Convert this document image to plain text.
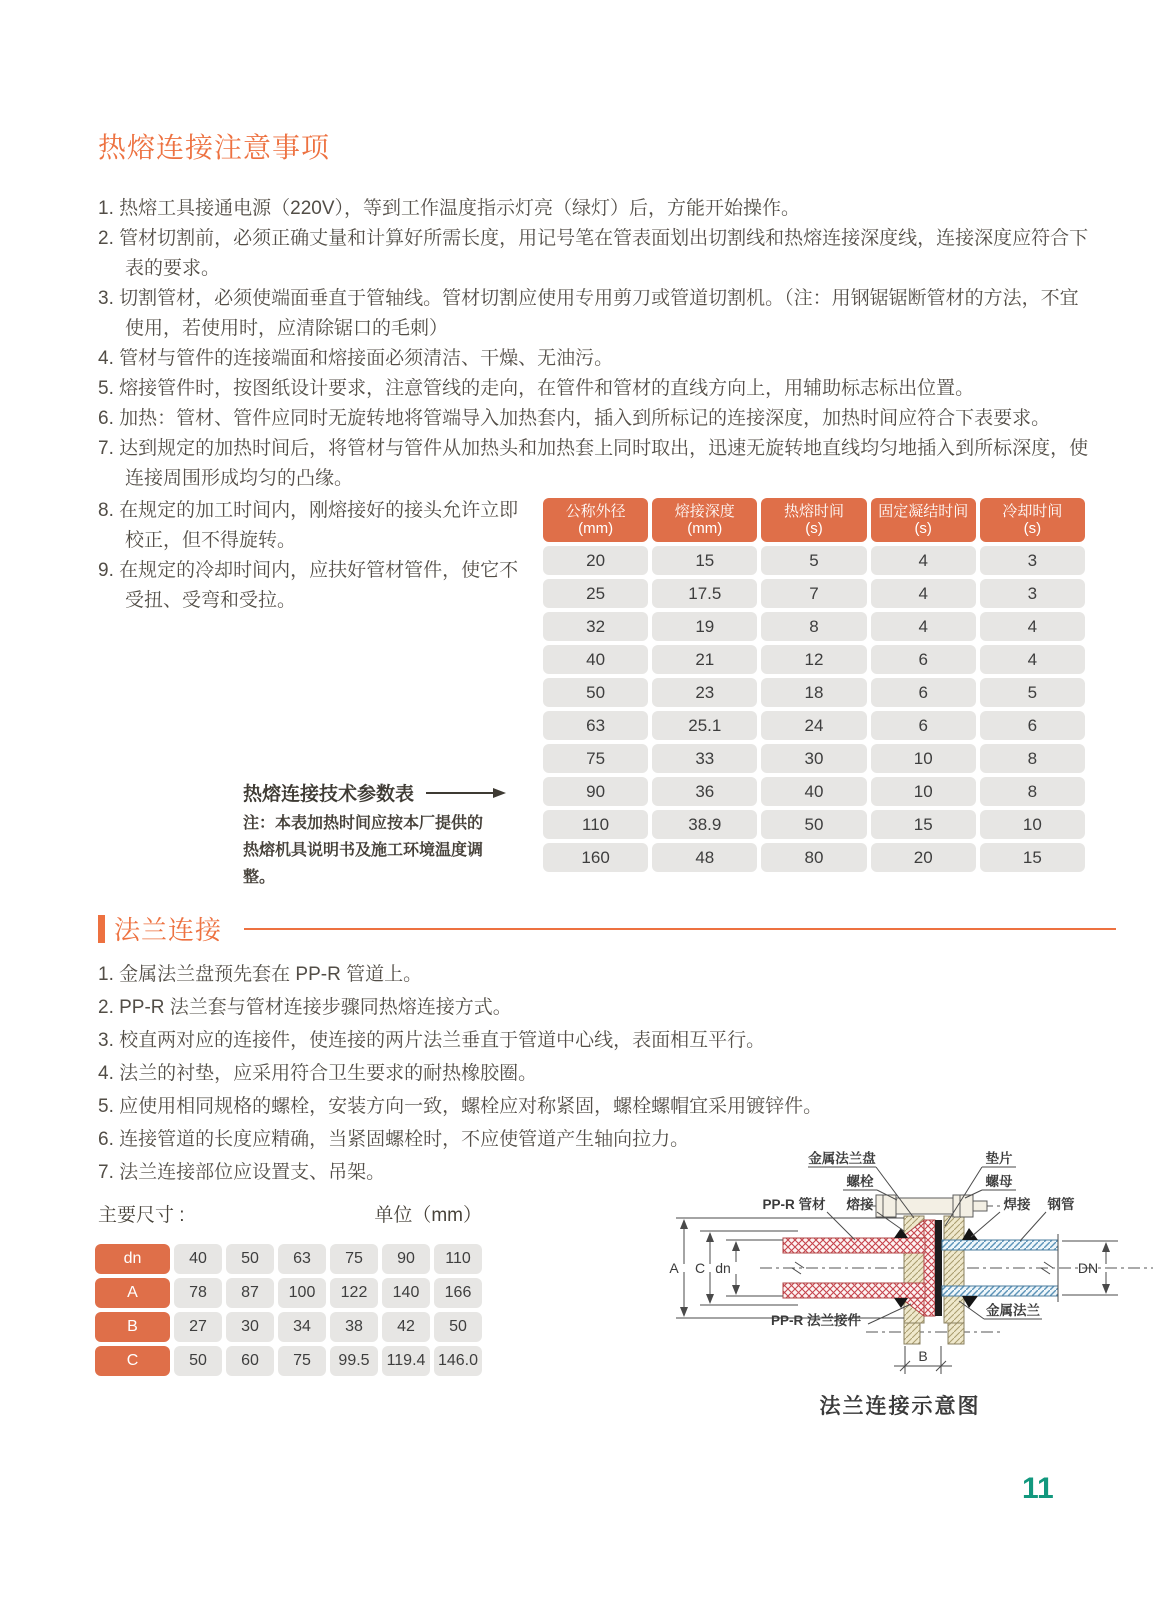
热熔连接注意事项
1. 热熔工具接通电源（220V），等到工作温度指示灯亮（绿灯）后，方能开始操作。
2. 管材切割前，必须正确丈量和计算好所需长度，用记号笔在管表面划出切割线和热熔连接深度线，连接深度应符合下表的要求。
3. 切割管材，必须使端面垂直于管轴线。管材切割应使用专用剪刀或管道切割机。（注：用钢锯锯断管材的方法，不宜使用，若使用时，应清除锯口的毛刺）
4. 管材与管件的连接端面和熔接面必须清洁、干燥、无油污。
5. 熔接管件时，按图纸设计要求，注意管线的走向，在管件和管材的直线方向上，用辅助标志标出位置。
6. 加热：管材、管件应同时无旋转地将管端导入加热套内，插入到所标记的连接深度，加热时间应符合下表要求。
7. 达到规定的加热时间后，将管材与管件从加热头和加热套上同时取出，迅速无旋转地直线均匀地插入到所标深度，使连接周围形成均匀的凸缘。
8. 在规定的加工时间内，刚熔接好的接头允许立即校正，但不得旋转。
9. 在规定的冷却时间内，应扶好管材管件，使它不受扭、受弯和受拉。
热熔连接技术参数表
注：本表加热时间应按本厂提供的热熔机具说明书及施工环境温度调整。
公称外径
(mm)
熔接深度
(mm)
热熔时间
(s)
固定凝结时间
(s)
冷却时间
(s)
20	15	5	4	3
25	17.5	7	4	3
32	19	8	4	4
40	21	12	6	4
50	23	18	6	5
63	25.1	24	6	6
75	33	30	10	8
90	36	40	10	8
110	38.9	50	15	10
160	48	80	20	15
法兰连接
1. 金属法兰盘预先套在 PP-R 管道上。
2. PP-R 法兰套与管材连接步骤同热熔连接方式。
3. 校直两对应的连接件，使连接的两片法兰垂直于管道中心线，表面相互平行。
4. 法兰的衬垫，应采用符合卫生要求的耐热橡胶圈。
5. 应使用相同规格的螺栓，安装方向一致，螺栓应对称紧固，螺栓螺帽宜采用镀锌件。
6. 连接管道的长度应精确，当紧固螺栓时，不应使管道产生轴向拉力。
7. 法兰连接部位应设置支、吊架。
主要尺寸 :	单位（mm）
dn	40	50	63	75	90	110
A	78	87	100	122	140	166
B	27	30	34	38	42	50
C	50	60	75	99.5	119.4 146.0
金属法兰盘
螺栓
垫片
螺母
PP-R 管材 熔接	焊接 钢管
金属法兰
PP-R 法兰接件
A C dn	DN
B
法兰连接示意图
11
